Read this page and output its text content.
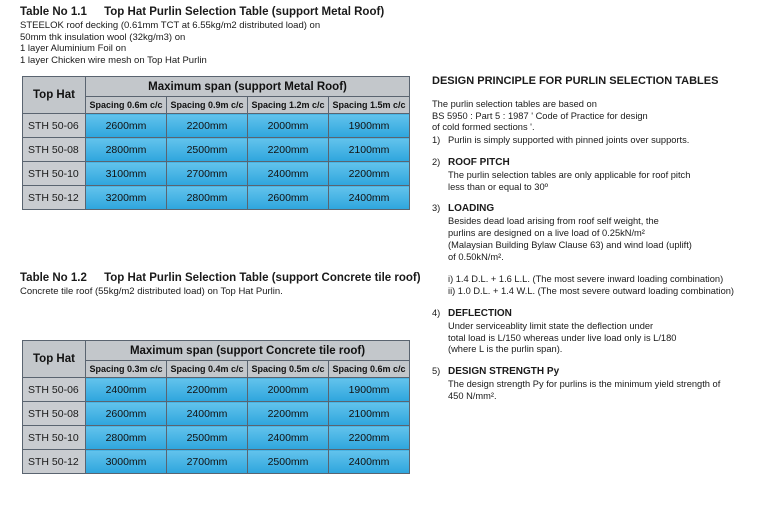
Table No 1.1 Top Hat Purlin Selection Table (support Metal Roof)
STEELOK roof decking (0.61mm TCT at 6.55kg/m2 distributed load) on
50mm thk insulation wool (32kg/m3) on
1 layer Aluminium Foil on
1 layer Chicken wire mesh on Top Hat Purlin
Top Hat	Maximum span (support Metal Roof)			
	Spacing 0.6m c/c	Spacing 0.9m c/c	Spacing 1.2m c/c	Spacing 1.5m c/c
STH 50-06	2600mm	2200mm	2000mm	1900mm
STH 50-08	2800mm	2500mm	2200mm	2100mm
STH 50-10	3100mm	2700mm	2400mm	2200mm
STH 50-12	3200mm	2800mm	2600mm	2400mm
Table No 1.2 Top Hat Purlin Selection Table (support Concrete tile roof)
Concrete tile roof (55kg/m2 distributed load) on Top Hat Purlin.
Top Hat	Maximum span (support Concrete tile roof)			
	Spacing 0.3m c/c	Spacing 0.4m c/c	Spacing 0.5m c/c	Spacing 0.6m c/c
STH 50-06	2400mm	2200mm	2000mm	1900mm
STH 50-08	2600mm	2400mm	2200mm	2100mm
STH 50-10	2800mm	2500mm	2400mm	2200mm
STH 50-12	3000mm	2700mm	2500mm	2400mm
DESIGN PRINCIPLE FOR PURLIN SELECTION TABLES

The purlin selection tables are based on

BS 5950 : Part 5 : 1987 ' Code of Practice for design

of cold formed sections '.

1) Purlin is simply supported with pinned joints over supports.

2) ROOF PITCH

The purlin selection tables are only applicable for roof pitch

less than or equal to 30º

3) LOADING

Besides dead load arising from roof self weight, the

purlins are designed on a live load of 0.25kN/m²

(Malaysian Building Bylaw Clause 63) and wind load (uplift)

of 0.50kN/m².

i) 1.4 D.L. + 1.6 L.L. (The most severe inward loading combination)

ii) 1.0 D.L. + 1.4 W.L. (The most severe outward loading combination)

4) DEFLECTION

Under serviceablity limit state the deflection under

total load is L/150 whereas under live load only is L/180

(where L is the purlin span).

5) DESIGN STRENGTH Py

The design strength Py for purlins is the minimum yield strength of

450 N/mm².
